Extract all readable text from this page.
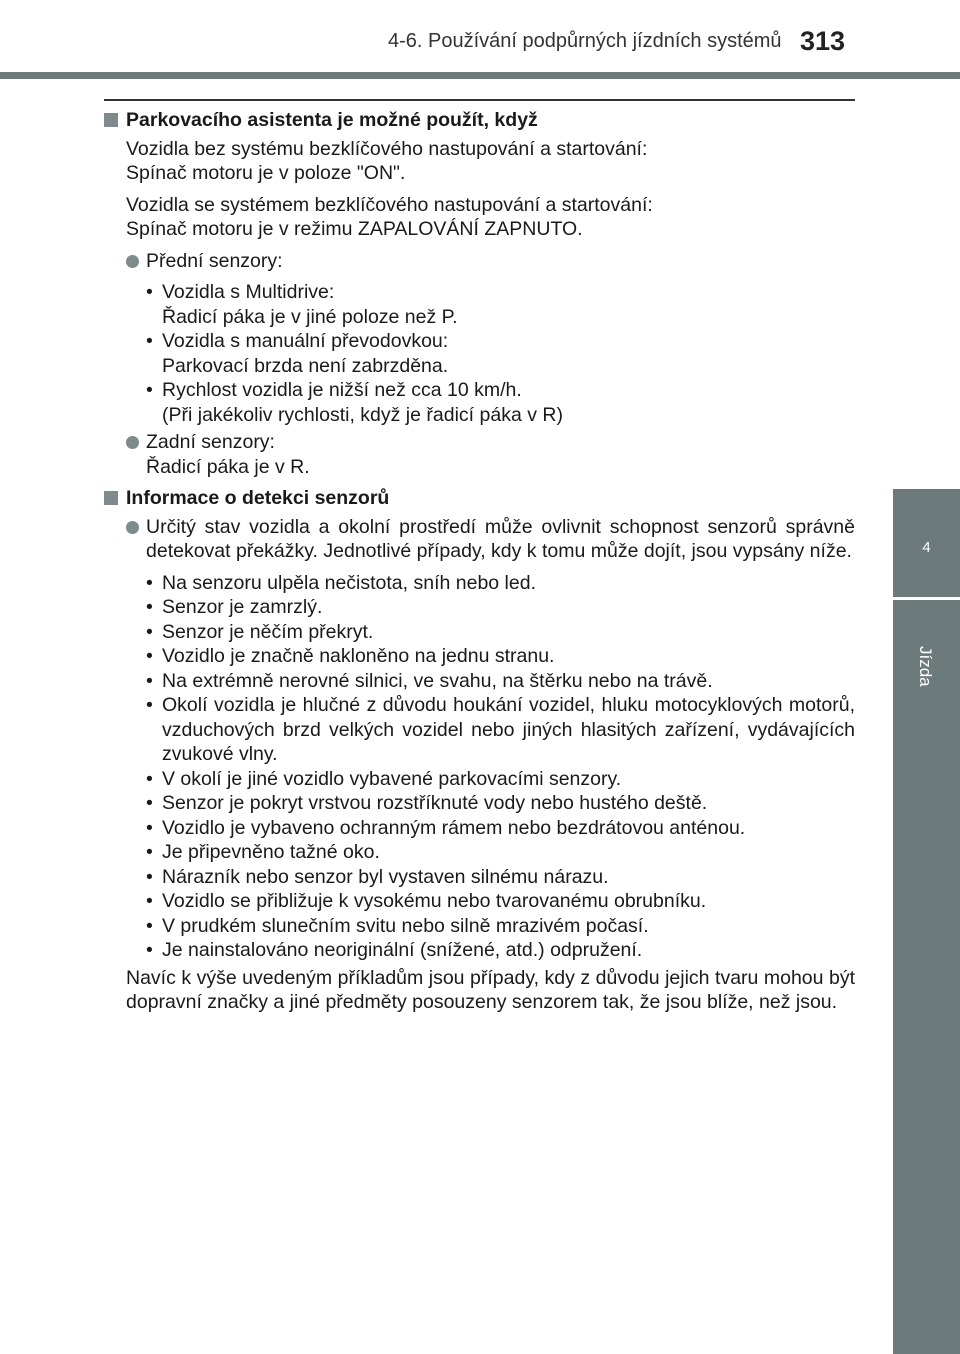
4-6. Používání podpůrných jízdních systémů 313
4
Jízda
Parkovacího asistenta je možné použít, když

Vozidla bez systému bezklíčového nastupování a startování:
Spínač motoru je v poloze "ON".

Vozidla se systémem bezklíčového nastupování a startování:
Spínač motoru je v režimu ZAPALOVÁNÍ ZAPNUTO.

Přední senzory:
• Vozidla s Multidrive:
Řadicí páka je v jiné poloze než P.
• Vozidla s manuální převodovkou:
Parkovací brzda není zabrzděna.
• Rychlost vozidla je nižší než cca 10 km/h.
(Při jakékoliv rychlosti, když je řadicí páka v R)
Zadní senzory:
Řadicí páka je v R.
Informace o detekci senzorů
Určitý stav vozidla a okolní prostředí může ovlivnit schopnost senzorů správně detekovat překážky. Jednotlivé případy, kdy k tomu může dojít, jsou vypsány níže.
• Na senzoru ulpěla nečistota, sníh nebo led.
• Senzor je zamrzlý.
• Senzor je něčím překryt.
• Vozidlo je značně nakloněno na jednu stranu.
• Na extrémně nerovné silnici, ve svahu, na štěrku nebo na trávě.
• Okolí vozidla je hlučné z důvodu houkání vozidel, hluku motocyklových motorů, vzduchových brzd velkých vozidel nebo jiných hlasitých zařízení, vydávajících zvukové vlny.
• V okolí je jiné vozidlo vybavené parkovacími senzory.
• Senzor je pokryt vrstvou rozstříknuté vody nebo hustého deště.
• Vozidlo je vybaveno ochranným rámem nebo bezdrátovou anténou.
• Je připevněno tažné oko.
• Nárazník nebo senzor byl vystaven silnému nárazu.
• Vozidlo se přibližuje k vysokému nebo tvarovanému obrubníku.
• V prudkém slunečním svitu nebo silně mrazivém počasí.
• Je nainstalováno neoriginální (snížené, atd.) odpružení.

Navíc k výše uvedeným příkladům jsou případy, kdy z důvodu jejich tvaru mohou být dopravní značky a jiné předměty posouzeny senzorem tak, že jsou blíže, než jsou.
